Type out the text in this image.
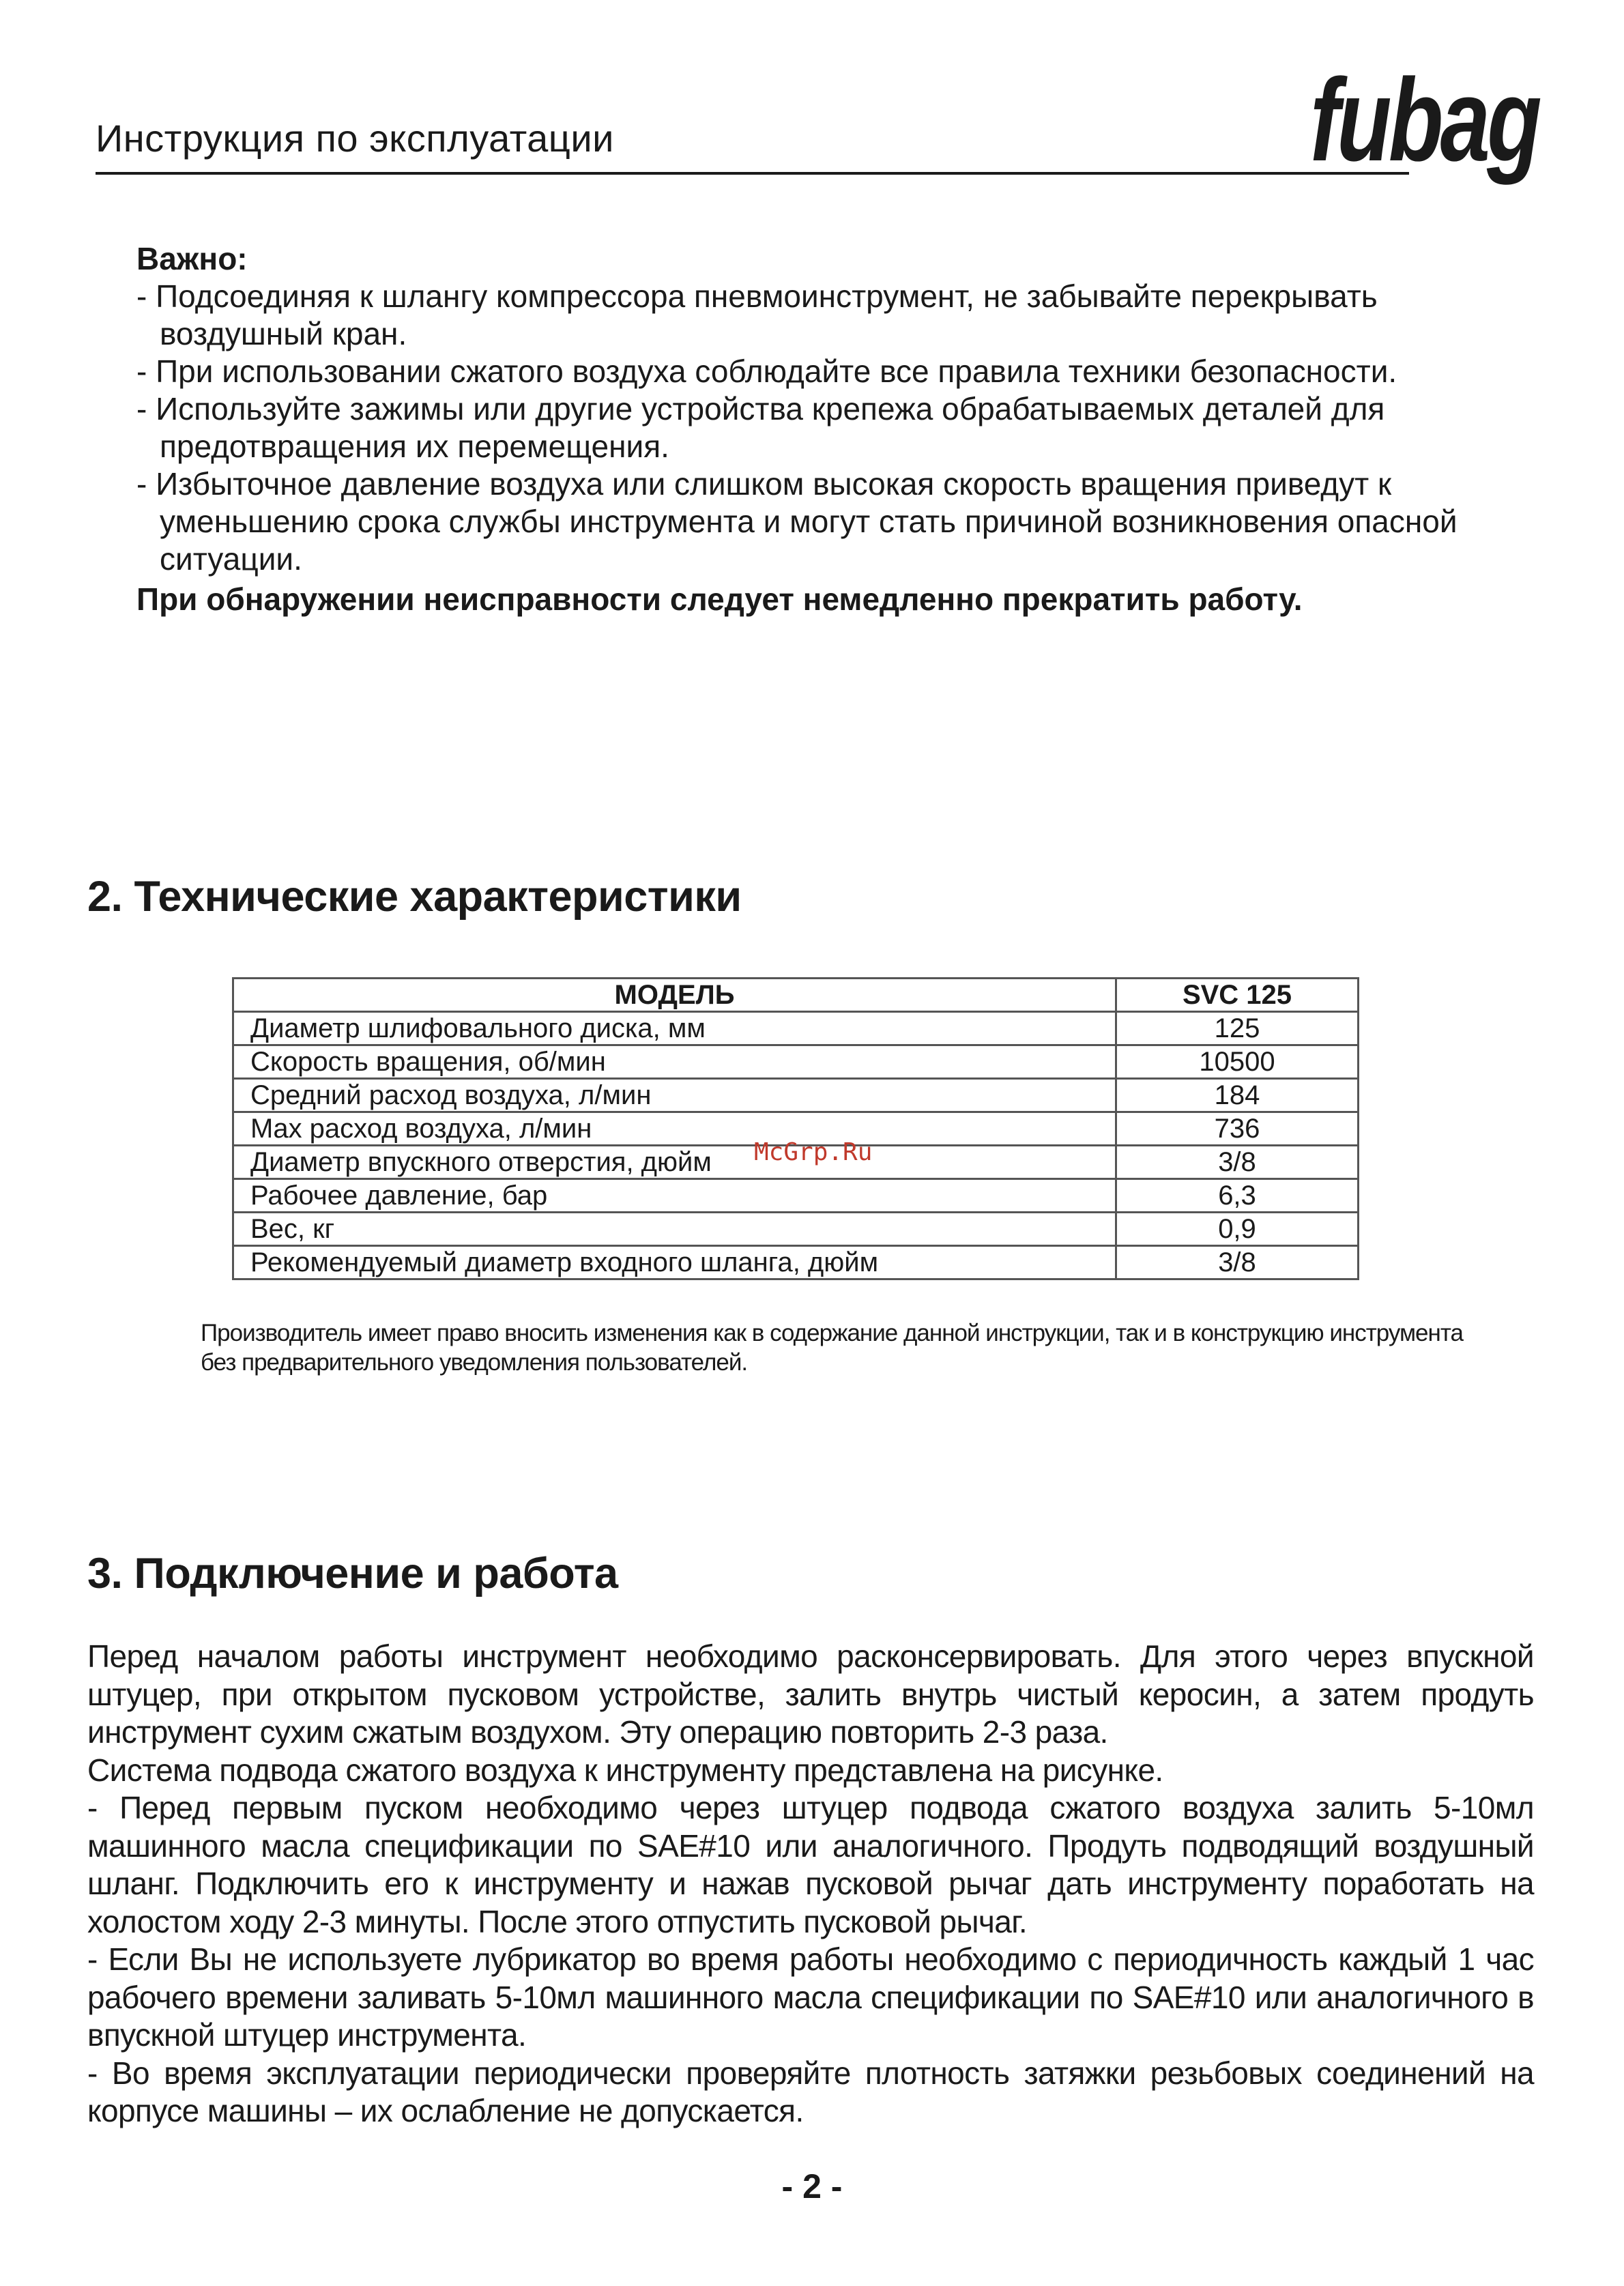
Инструкция по эксплуатации	fubag
Важно:
- Подсоединяя к шлангу компрессора пневмоинструмент, не забывайте перекрывать воздушный кран.
- При использовании сжатого воздуха соблюдайте все правила техники безопасности.
- Используйте зажимы или другие устройства крепежа обрабатываемых деталей для предотвращения их перемещения.
- Избыточное давление воздуха или слишком высокая скорость вращения приведут к уменьшению срока службы инструмента и могут стать причиной возникновения опасной ситуации.
При обнаружении неисправности следует немедленно прекратить работу.
2. Технические характеристики
МОДЕЛЬ	SVC 125
Диаметр шлифовального диска, мм	125
Скорость вращения, об/мин	10500
Средний расход воздуха, л/мин	184
Max расход воздуха, л/мин	736
Диаметр впускного отверстия, дюйм	3/8
Рабочее давление, бар	6,3
Вес, кг	0,9
Рекомендуемый диаметр входного шланга, дюйм	3/8
McGrp.Ru
Производитель имеет право вносить изменения как в содержание данной инструкции, так и в конструкцию инструмента без предварительного уведомления пользователей.
3. Подключение и работа

Перед началом работы инструмент необходимо расконсервировать. Для этого через впускной штуцер, при открытом пусковом устройстве, залить внутрь чистый керосин, а затем продуть инструмент сухим сжатым воздухом. Эту операцию повторить 2-3 раза.

Система подвода сжатого воздуха к инструменту представлена на рисунке.

- Перед первым пуском необходимо через штуцер подвода сжатого воздуха залить 5-10мл машинного масла спецификации по SAE#10 или аналогичного. Продуть подводящий воздушный шланг. Подключить его к инструменту и нажав пусковой рычаг дать инструменту поработать на холостом ходу 2-3 минуты. После этого отпустить пусковой рычаг.

- Если Вы не используете лубрикатор во время работы необходимо с периодичность каждый 1 час рабочего времени заливать 5-10мл машинного масла спецификации по SAE#10 или аналогичного в впускной штуцер инструмента.

- Во время эксплуатации периодически проверяйте плотность затяжки резьбовых соединений на корпусе машины – их ослабление не допускается.

- 2 -
